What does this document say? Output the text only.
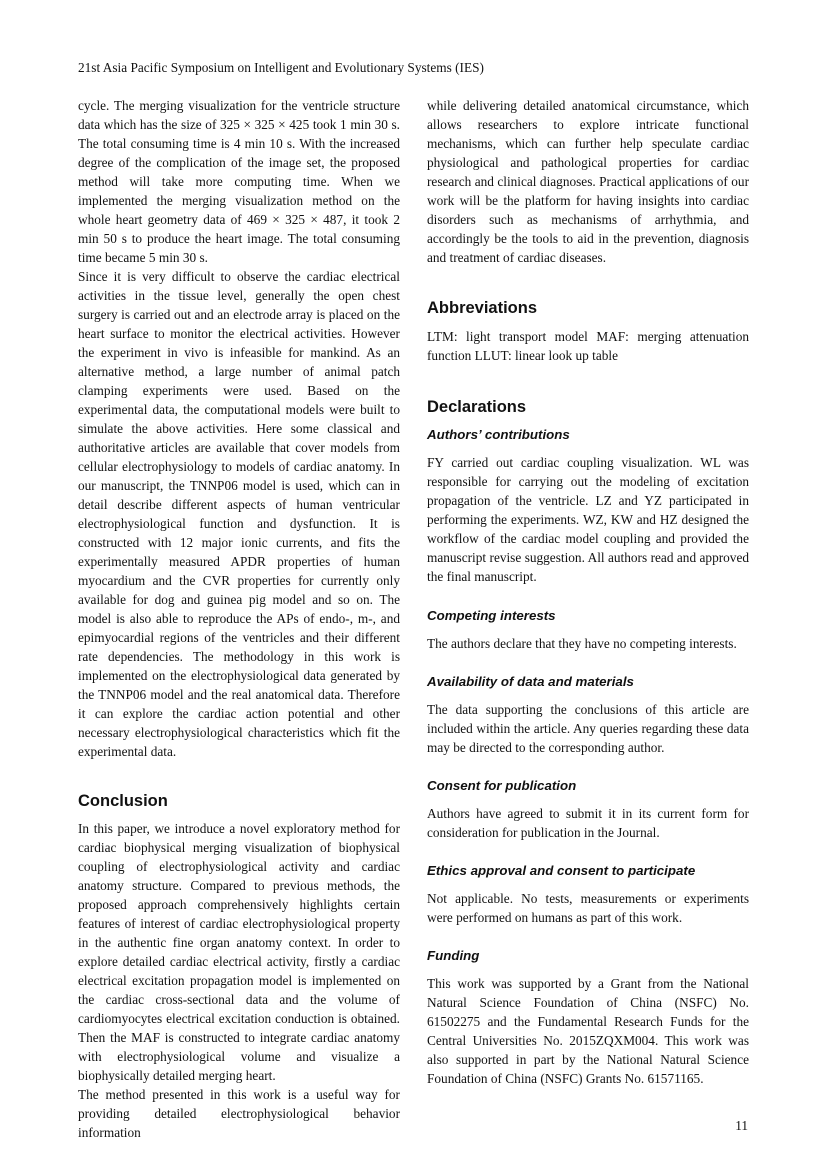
21st Asia Pacific Symposium on Intelligent and Evolutionary Systems (IES)

cycle. The merging visualization for the ventricle structure data which has the size of 325 × 325 × 425 took 1 min 30 s. The total consuming time is 4 min 10 s. With the increased degree of the complication of the image set, the proposed method will take more computing time. When we implemented the merging visualization method on the whole heart geometry data of 469 × 325 × 487, it took 2 min 50 s to produce the heart image. The total consuming time became 5 min 30 s.

Since it is very difficult to observe the cardiac electrical activities in the tissue level, generally the open chest surgery is carried out and an electrode array is placed on the heart surface to monitor the electrical activities. However the experiment in vivo is infeasible for mankind. As an alternative method, a large number of animal patch clamping experiments were used. Based on the experimental data, the computational models were built to simulate the above activities. Here some classical and authoritative articles are available that cover models from cellular electrophysiology to models of cardiac anatomy. In our manuscript, the TNNP06 model is used, which can in detail describe different aspects of human ventricular electrophysiological function and dysfunction. It is constructed with 12 major ionic currents, and fits the experimentally measured APDR properties of human myocardium and the CVR properties for currently only available for dog and guinea pig model and so on. The model is also able to reproduce the APs of endo-, m-, and epimyocardial regions of the ventricles and their different rate dependencies. The methodology in this work is implemented on the electrophysiological data generated by the TNNP06 model and the real anatomical data. Therefore it can explore the cardiac action potential and other necessary electrophysiological characteristics which fit the experimental data.

Conclusion

In this paper, we introduce a novel exploratory method for cardiac biophysical merging visualization of biophysical coupling of electrophysiological activity and cardiac anatomy structure. Compared to previous methods, the proposed approach comprehensively highlights certain features of interest of cardiac electrophysiological property in the authentic fine organ anatomy context. In order to explore detailed cardiac electrical activity, firstly a cardiac electrical excitation propagation model is implemented on the cardiac cross-sectional data and the volume of cardiomyocytes electrical excitation conduction is obtained. Then the MAF is constructed to integrate cardiac anatomy with electrophysiological volume and visualize a biophysically detailed merging heart.

The method presented in this work is a useful way for providing detailed electrophysiological behavior information

while delivering detailed anatomical circumstance, which allows researchers to explore intricate functional mechanisms, which can further help speculate cardiac physiological and pathological properties for cardiac research and clinical diagnoses. Practical applications of our work will be the platform for having insights into cardiac disorders such as mechanisms of arrhythmia, and accordingly be the tools to aid in the prevention, diagnosis and treatment of cardiac diseases.

Abbreviations

LTM: light transport model MAF: merging attenuation function LLUT: linear look up table

Declarations
Authors’ contributions

FY carried out cardiac coupling visualization. WL was responsible for carrying out the modeling of excitation propagation of the ventricle. LZ and YZ participated in performing the experiments. WZ, KW and HZ designed the workflow of the cardiac model coupling and provided the manuscript revise suggestion. All authors read and approved the final manuscript.

Competing interests

The authors declare that they have no competing interests.

Availability of data and materials

The data supporting the conclusions of this article are included within the article. Any queries regarding these data may be directed to the corresponding author.

Consent for publication

Authors have agreed to submit it in its current form for consideration for publication in the Journal.

Ethics approval and consent to participate

Not applicable. No tests, measurements or experiments were performed on humans as part of this work.

Funding

This work was supported by a Grant from the National Natural Science Foundation of China (NSFC) No. 61502275 and the Fundamental Research Funds for the Central Universities No. 2015ZQXM004. This work was also supported in part by the National Natural Science Foundation of China (NSFC) Grants No. 61571165.

11
